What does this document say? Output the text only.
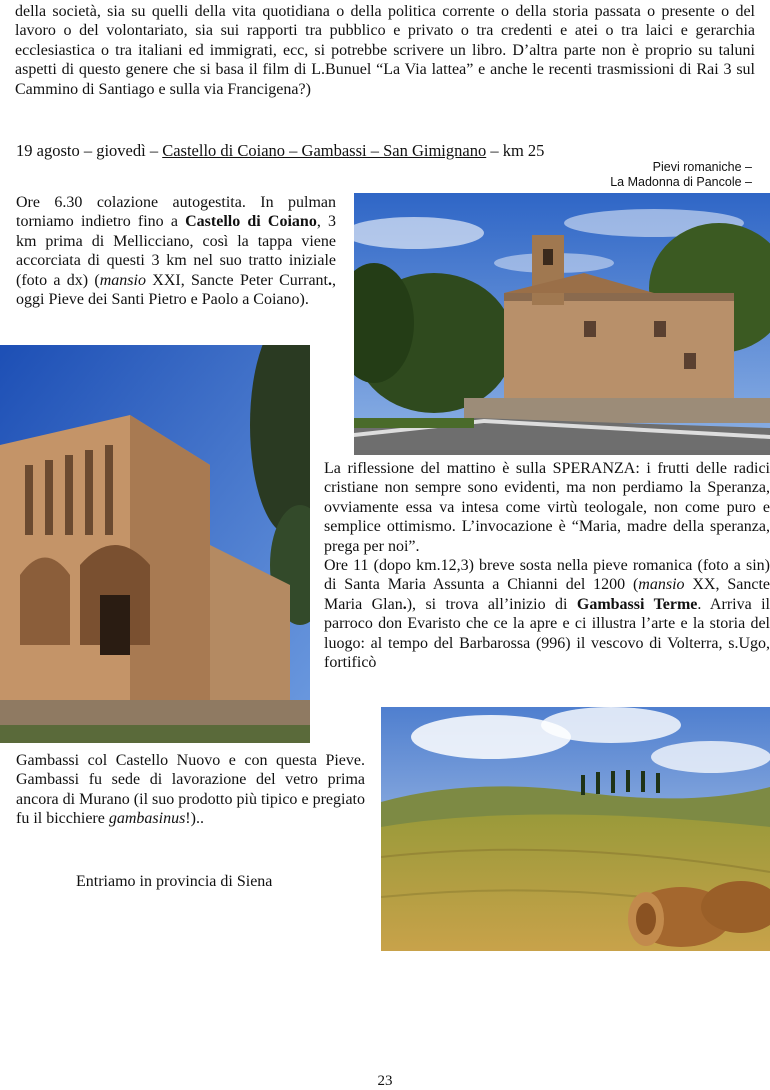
della società, sia su quelli della vita quotidiana o della politica corrente o della storia passata o presente o del lavoro o del volontariato, sia sui rapporti tra pubblico e privato o tra credenti e atei o tra laici e gerarchia ecclesiastica o tra italiani ed immigrati, ecc, si potrebbe scrivere un libro. D’altra parte non è proprio su taluni aspetti di questo genere che si basa il film di L.Bunuel “La Via lattea” e anche le recenti trasmissioni di Rai 3 sul Cammino di Santiago e sulla via Francigena?)

19 agosto – giovedì – Castello di Coiano – Gambassi – San Gimignano – km 25
Pievi romaniche –
La Madonna di Pancole –

Ore 6.30 colazione autogestita. In pulman torniamo indietro fino a Castello di Coiano, 3 km prima di Mellicciano, così la tappa viene accorciata di questi 3 km nel suo tratto iniziale (foto a dx) (mansio XXI, Sancte Peter Currant., oggi Pieve dei Santi Pietro e Paolo a Coiano).

La riflessione del mattino è sulla SPERANZA: i frutti delle radici cristiane non sempre sono evidenti, ma non perdiamo la Speranza, ovviamente essa va intesa come virtù teologale, non come puro e semplice ottimismo. L’invocazione è “Maria, madre della speranza, prega per noi”.

Ore 11 (dopo km.12,3) breve sosta nella pieve romanica (foto a sin) di Santa Maria Assunta a Chianni del 1200 (mansio XX, Sancte Maria Glan.), si trova all’inizio di Gambassi Terme. Arriva il parroco don Evaristo che ce la apre e ci illustra l’arte e la storia del luogo: al tempo del Barbarossa (996) il vescovo di Volterra, s.Ugo, fortificò

Gambassi col Castello Nuovo e con questa Pieve. Gambassi fu sede di lavorazione del vetro prima ancora di Murano (il suo prodotto più tipico e pregiato fu il bicchiere gambasinus!)..

Entriamo in provincia di Siena
23
